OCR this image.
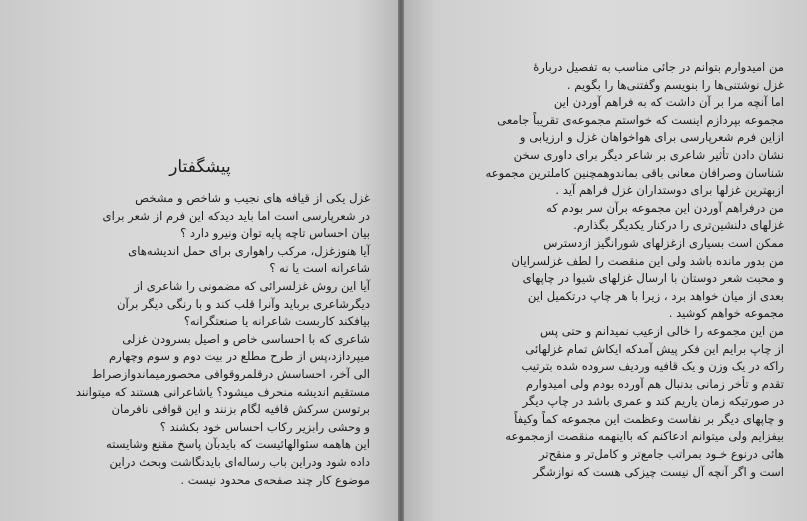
پیشگفتار

غزل یکی از قیافه های نجیب و شاخص و مشخص

در شعرپارسی است اما باید دیدکه این فرم از شعر برای

بیان احساس تاچه پایه توان ونیرو دارد ؟

آیا هنوزغزل، مرکب راهواری برای حمل اندیشه‌های

شاعرانه است یا نه ؟

آیا این روش غزلسرائی که مضمونی را شاعری از

دیگرشاعری برباید وآنرا قلب کند و با رنگی دیگر برآن

بیافکند کاربست شاعرانه یا صنعتگرانه؟

شاعری که با احساسی خاص و اصیل بسرودن غزلی

میپردازد،پس از طرح مطلع در بیت دوم و سوم وچهارم

الی آخر، احساسش درقلمروقوافی محصورمیماندوازصراط

مستقیم اندیشه منحرف میشود؟ یاشاعرانی هستند که میتوانند

برتوسن سرکش قافیه لگام بزنند و این قوافی نافرمان

و وحشی رابزیر رکاب احساس خود بکشند ؟

این هاهمه سئوالهائیست که بایدبآن پاسخ مقنع وشایسته

داده شود ودراین باب رساله‌ای بایدنگاشت وبحث دراین

موضوع کار چند صفحه‌ی محدود نیست .

من امیدوارم بتوانم در جائی مناسب به تفصیل دربارهٔ

غزل نوشتنی‌ها را بنویسم وگفتنی‌ها را بگویم .

اما آنچه مرا بر آن داشت که به فراهم آوردن این

مجموعه بپردازم اینست که خواستم مجموعه‌ی تقریباً جامعی

ازاین فرم شعرپارسی برای هواخواهان غزل و ارزیابی و

نشان دادن تأثیر شاعری بر شاعر دیگر برای داوری سخن

شناسان وصرافان معانی باقی بماندوهمچنین کاملترین مجموعه

ازبهترین غزلها برای دوستداران غزل فراهم آید .

من درفراهم آوردن این مجموعه برآن سر بودم‌ که

غزلهای دلنشین‌تری را درکنار یکدیگر بگذارم.

ممکن است بسیاری ازغزلهای شورانگیز ازدسترس

من بدور مانده باشد ولی این منقصت را لطف غزلسرایان

و محبت شعر دوستان با ارسال غزلهای شیوا در چاپهای

بعدی از میان خواهد برد ، زیرا با هر چاپ درتکمیل این

مجموعه خواهم کوشید .

من این مجموعه را خالی ازعیب نمیدانم و حتی پس

از چاپ برایم این فکر پیش آمدکه ایکاش تمام غزلهائی

راکه در یک وزن و یک قافیه ورد‌یف سروده شده بترتیب

تقدم و تأخر زمانی بدنبال هم آورده بودم ولی امیدوارم

در صورتیکه زمان یاریم کند و عمری باشد در چاپ دیگر

و چاپهای دیگر بر نفاست وعظمت این مجموعه کماً وکیفاً

بیفزایم ولی میتوانم ادعاکنم که بااینهمه منقصت ازمجموعه

هائی درنوع خـود بمراتب جامع‌تر و کامل‌تر و منقح‌تر

است و اگر آنچه آل نیست چیزکی هست که نوازشگر
